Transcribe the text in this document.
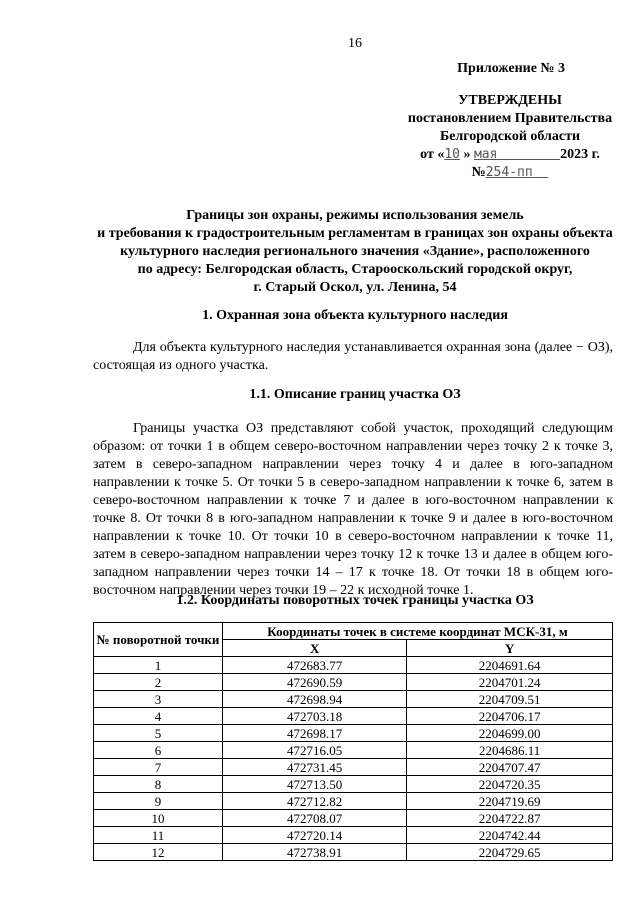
16
Приложение № 3
УТВЕРЖДЕНЫ
постановлением Правительства
Белгородской области
от «10 » мая	2023 г.
№254-пп
Границы зон охраны, режимы использования земель
и требования к градостроительным регламентам в границах зон охраны объекта
культурного наследия регионального значения «Здание», расположенного
по адресу: Белгородская область, Старооскольский городской округ,
г. Старый Оскол, ул. Ленина, 54
1. Охранная зона объекта культурного наследия
Для объекта культурного наследия устанавливается охранная зона (далее − ОЗ), состоящая из одного участка.
1.1. Описание границ участка ОЗ
Границы участка ОЗ представляют собой участок, проходящий следующим образом: от точки 1 в общем северо-восточном направлении через точку 2 к точке 3, затем в северо-западном направлении через точку 4 и далее в юго-западном направлении к точке 5. От точки 5 в северо-западном направлении к точке 6, затем в северо-восточном направлении к точке 7 и далее в юго-восточном направлении к точке 8. От точки 8 в юго-западном направлении к точке 9 и далее в юго-восточном направлении к точке 10. От точки 10 в северо-восточном направлении к точке 11, затем в северо-западном направлении через точку 12 к точке 13 и далее в общем юго-западном направлении через точки 14 – 17 к точке 18. От точки 18 в общем юго-восточном направлении через точки 19 – 22 к исходной точке 1.
1.2. Координаты поворотных точек границы участка ОЗ
№ поворотной точки	Координаты точек в системе координат МСК-31, м	
	X	Y
1	472683.77	2204691.64
2	472690.59	2204701.24
3	472698.94	2204709.51
4	472703.18	2204706.17
5	472698.17	2204699.00
6	472716.05	2204686.11
7	472731.45	2204707.47
8	472713.50	2204720.35
9	472712.82	2204719.69
10	472708.07	2204722.87
11	472720.14	2204742.44
12	472738.91	2204729.65
